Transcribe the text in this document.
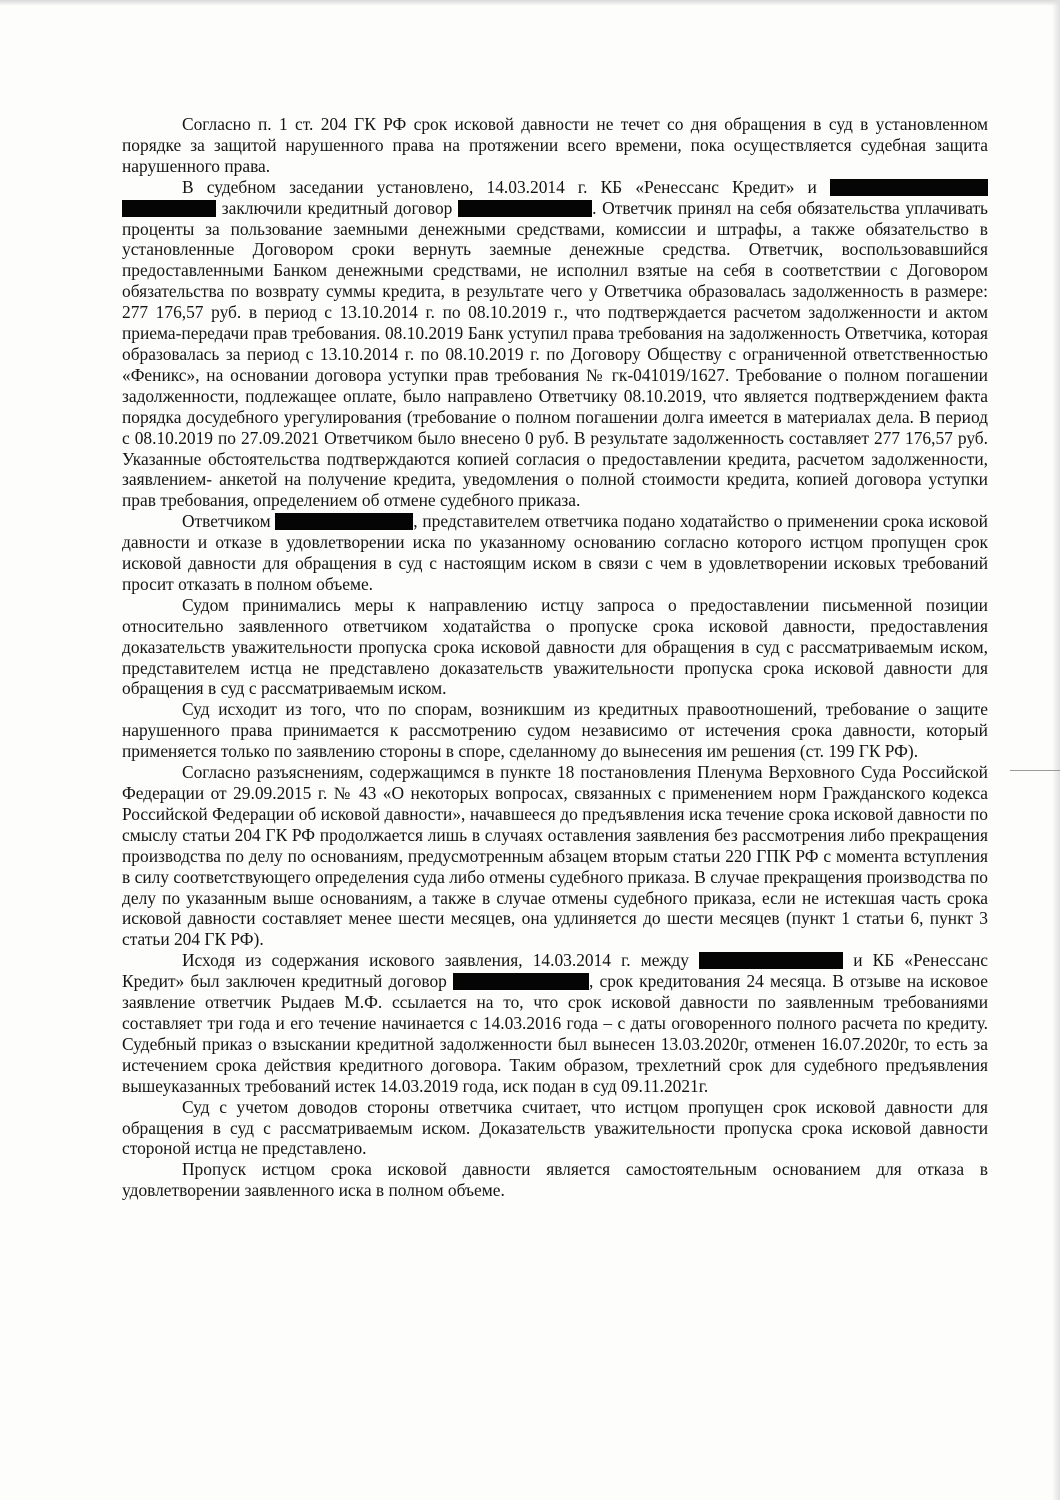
Согласно п. 1 ст. 204 ГК РФ срок исковой давности не течет со дня обращения в суд в установленном порядке за защитой нарушенного права на протяжении всего времени, пока осуществляется судебная защита нарушенного права.

В судебном заседании установлено, 14.03.2014 г. КБ «Ренессанс Кредит» и   заключили кредитный договор	. Ответчик принял на себя обязательства уплачивать проценты за пользование заемными денежными средствами, комиссии и штрафы, а также обязательство в установленные Договором сроки вернуть заемные денежные средства. Ответчик, воспользовавшийся предоставленными Банком денежными средствами, не исполнил взятые на себя в соответствии с Договором обязательства по возврату суммы кредита, в результате чего у Ответчика образовалась задолженность в размере: 277 176,57 руб. в период с 13.10.2014 г. по 08.10.2019 г., что подтверждается расчетом задолженности и актом приема-передачи прав требования. 08.10.2019 Банк уступил права требования на задолженность Ответчика, которая образовалась за период с 13.10.2014 г. по 08.10.2019 г. по Договору Обществу с ограниченной ответственностью «Феникс», на основании договора уступки прав требования № гк-041019/1627. Требование о полном погашении задолженности, подлежащее оплате, было направлено Ответчику 08.10.2019, что является подтверждением факта порядка досудебного урегулирования (требование о полном погашении долга имеется в материалах дела. В период с 08.10.2019 по 27.09.2021 Ответчиком было внесено 0 руб. В результате задолженность составляет 277 176,57 руб. Указанные обстоятельства подтверждаются копией согласия о предоставлении кредита, расчетом задолженности, заявлением- анкетой на получение кредита, уведомления о полной стоимости кредита, копией договора уступки прав требования, определением об отмене судебного приказа.

Ответчиком	, представителем ответчика подано ходатайство о применении срока исковой давности и отказе в удовлетворении иска по указанному основанию согласно которого истцом пропущен срок исковой давности для обращения в суд с настоящим иском в связи с чем в удовлетворении исковых требований просит отказать в полном объеме.

Судом принимались меры к направлению истцу запроса о предоставлении письменной позиции относительно заявленного ответчиком ходатайства о пропуске срока исковой давности, предоставления доказательств уважительности пропуска срока исковой давности для обращения в суд с рассматриваемым иском, представителем истца не представлено доказательств уважительности пропуска срока исковой давности для обращения в суд с рассматриваемым иском.

Суд исходит из того, что по спорам, возникшим из кредитных правоотношений, требование о защите нарушенного права принимается к рассмотрению судом независимо от истечения срока давности, который применяется только по заявлению стороны в споре, сделанному до вынесения им решения (ст. 199 ГК РФ).

Согласно разъяснениям, содержащимся в пункте 18 постановления Пленума Верховного Суда Российской Федерации от 29.09.2015 г. № 43 «О некоторых вопросах, связанных с применением норм Гражданского кодекса Российской Федерации об исковой давности», начавшееся до предъявления иска течение срока исковой давности по смыслу статьи 204 ГК РФ продолжается лишь в случаях оставления заявления без рассмотрения либо прекращения производства по делу по основаниям, предусмотренным абзацем вторым статьи 220 ГПК РФ с момента вступления в силу соответствующего определения суда либо отмены судебного приказа. В случае прекращения производства по делу по указанным выше основаниям, а также в случае отмены судебного приказа, если не истекшая часть срока исковой давности составляет менее шести месяцев, она удлиняется до шести месяцев (пункт 1 статьи 6, пункт 3 статьи 204 ГК РФ).

Исходя из содержания искового заявления, 14.03.2014 г. между	и КБ «Ренессанс Кредит» был заключен кредитный договор	, срок кредитования 24 месяца. В отзыве на исковое заявление ответчик Рыдаев М.Ф. ссылается на то, что срок исковой давности по заявленным требованиями составляет три года и его течение начинается с 14.03.2016 года – с даты оговоренного полного расчета по кредиту. Судебный приказ о взыскании кредитной задолженности был вынесен 13.03.2020г, отменен 16.07.2020г, то есть за истечением срока действия кредитного договора. Таким образом, трехлетний срок для судебного предъявления вышеуказанных требований истек 14.03.2019 года, иск подан в суд 09.11.2021г.

Суд с учетом доводов стороны ответчика считает, что истцом пропущен срок исковой давности для обращения в суд с рассматриваемым иском. Доказательств уважительности пропуска срока исковой давности стороной истца не представлено.

Пропуск истцом срока исковой давности является самостоятельным основанием для отказа в удовлетворении заявленного иска в полном объеме.
